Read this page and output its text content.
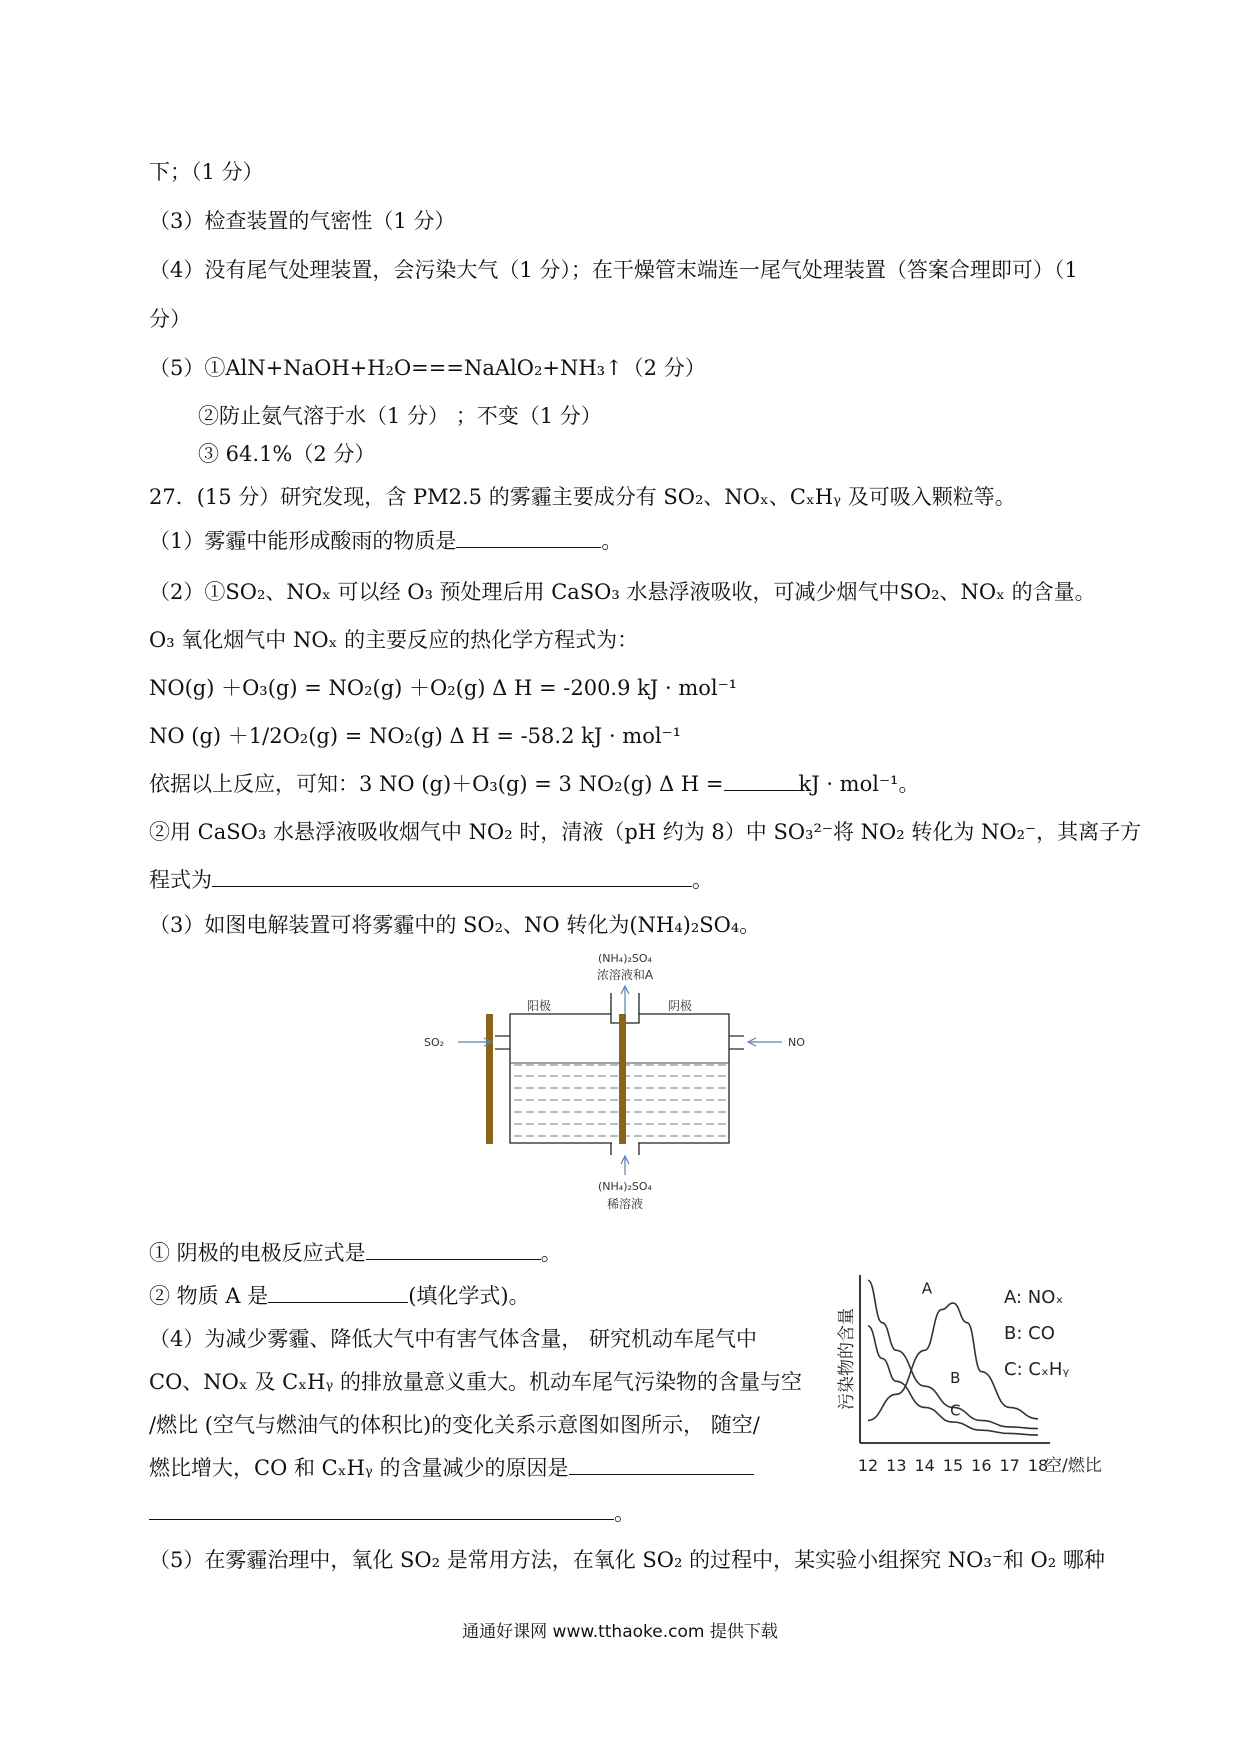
下；（1 分）
（3）检查装置的气密性（1 分）
（4）没有尾气处理装置，会污染大气（1 分）；在干燥管末端连一尾气处理装置（答案合理即可）（1
分）
（5）①AlN+NaOH+H₂O===NaAlO₂+NH₃↑（2 分）
②防止氨气溶于水（1 分） ；不变（1 分）
③ 64.1%（2 分）
27．(15 分）研究发现，含 PM2.5 的雾霾主要成分有 SO₂、NOₓ、CₓHᵧ 及可吸入颗粒等。
（1）雾霾中能形成酸雨的物质是	。
（2）①SO₂、NOₓ 可以经 O₃ 预处理后用 CaSO₃ 水悬浮液吸收，可减少烟气中SO₂、NOₓ 的含量。
O₃ 氧化烟气中 NOₓ 的主要反应的热化学方程式为：
NO(g) ＋O₃(g) = NO₂(g) ＋O₂(g) Δ H = -200.9 kJ · mol⁻¹
NO (g) ＋1/2O₂(g) = NO₂(g) Δ H = -58.2 kJ · mol⁻¹
依据以上反应，可知：3 NO (g)＋O₃(g) = 3 NO₂(g) Δ H =	kJ · mol⁻¹。
②用 CaSO₃ 水悬浮液吸收烟气中 NO₂ 时，清液（pH 约为 8）中 SO₃²⁻将 NO₂ 转化为 NO₂⁻，其离子方
程式为	。
（3）如图电解装置可将雾霾中的 SO₂、NO 转化为(NH₄)₂SO₄。
(NH₄)₂SO₄
浓溶液和A
(NH₄)₂SO₄
稀溶液
阳极	阴极
SO₂	NO
① 阴极的电极反应式是	。
② 物质 A 是	(填化学式)。
（4）为减少雾霾、降低大气中有害气体含量， 研究机动车尾气中
CO、NOₓ 及 CₓHᵧ 的排放量意义重大。机动车尾气污染物的含量与空
/燃比 (空气与燃油气的体积比)的变化关系示意图如图所示， 随空/
燃比增大，CO 和 CₓHᵧ 的含量减少的原因是
。
（5）在雾霾治理中，氧化 SO₂ 是常用方法，在氧化 SO₂ 的过程中，某实验小组探究 NO₃⁻和 O₂ 哪种
污染物的含量
A
B
C
12 13 14 15 16 17 18
空/燃比
A: NOₓ
B: CO
C: CₓHᵧ
通通好课网 www.tthaoke.com 提供下载
